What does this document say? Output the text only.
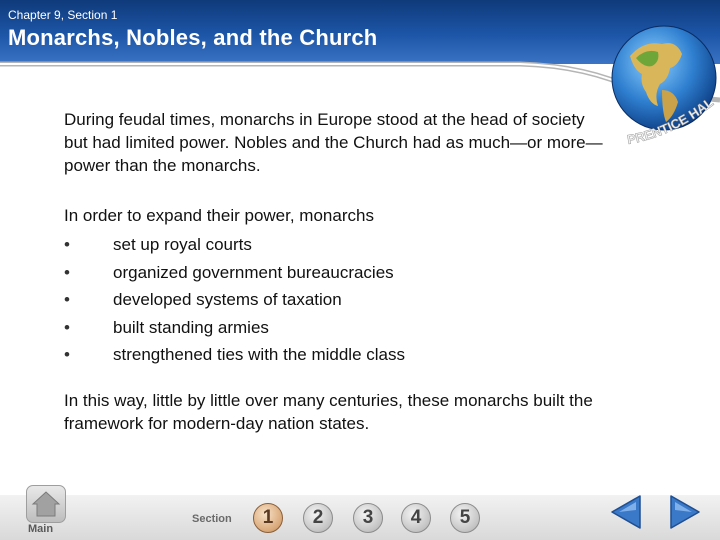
Chapter 9, Section 1
Monarchs, Nobles, and the Church
PRENTICE HAL

During feudal times, monarchs in Europe stood at the head of society but had limited power. Nobles and the Church had as much—or more—power than the monarchs.

In order to expand their power, monarchs

•	set up royal courts
•	organized government bureaucracies
•	developed systems of taxation
•	built standing armies
•	strengthened ties with the middle class

In this way, little by little over many centuries, these monarchs built the framework for modern-day nation states.

Main
Section	1	2	3	4	5
